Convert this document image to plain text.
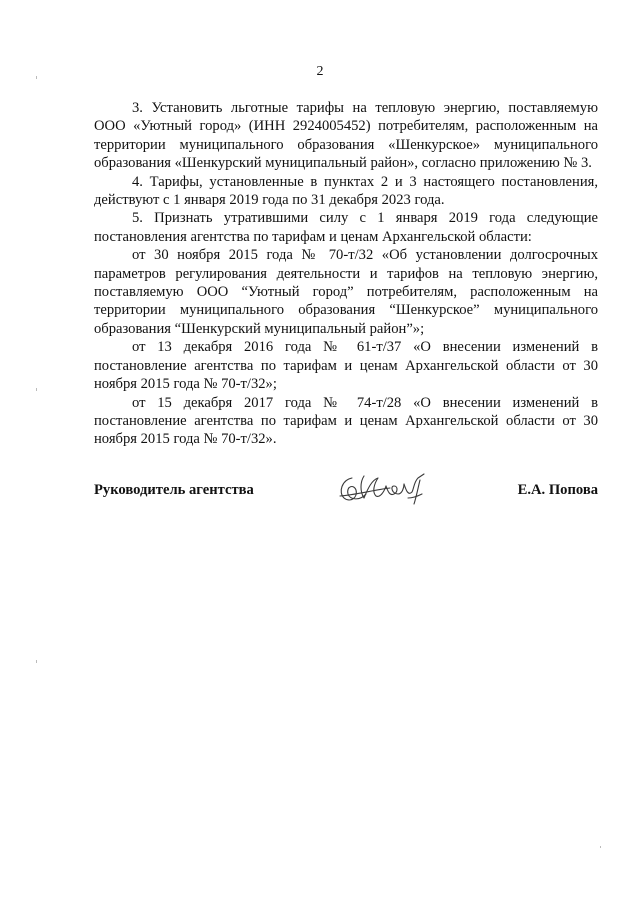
2

3. Установить льготные тарифы на тепловую энергию, поставляемую ООО «Уютный город» (ИНН 2924005452) потребителям, расположенным на территории муниципального образования «Шенкурское» муниципального образования «Шенкурский муниципальный район», согласно приложению № 3.

4. Тарифы, установленные в пунктах 2 и 3 настоящего постановления, действуют с 1 января 2019 года по 31 декабря 2023 года.

5. Признать утратившими силу с 1 января 2019 года следующие постановления агентства по тарифам и ценам Архангельской области:

от 30 ноября 2015 года № 70-т/32 «Об установлении долгосрочных параметров регулирования деятельности и тарифов на тепловую энергию, поставляемую ООО “Уютный город” потребителям, расположенным на территории муниципального образования “Шенкурское” муниципального образования “Шенкурский муниципальный район”»;

от 13 декабря 2016 года № 61-т/37 «О внесении изменений в постановление агентства по тарифам и ценам Архангельской области от 30 ноября 2015 года № 70-т/32»;

от 15 декабря 2017 года № 74-т/28 «О внесении изменений в постановление агентства по тарифам и ценам Архангельской области от 30 ноября 2015 года № 70-т/32».

Руководитель агентства	Е.А. Попова
